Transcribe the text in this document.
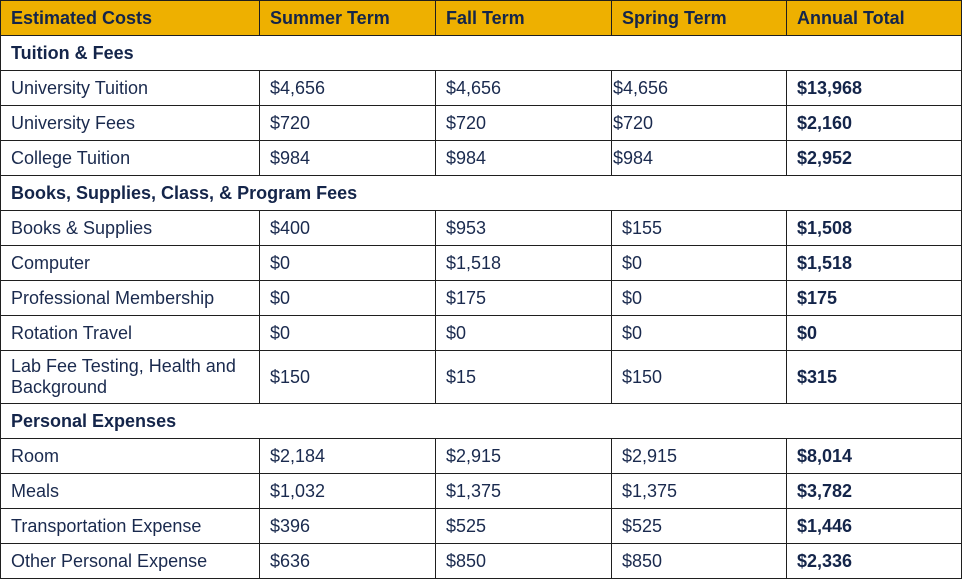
Estimated Costs	Summer Term	Fall Term	Spring Term	Annual Total
Tuition & Fees				
University Tuition	$4,656	$4,656	$4,656	$13,968
University Fees	$720	$720	$720	$2,160
College Tuition	$984	$984	$984	$2,952
Books, Supplies, Class, & Program Fees				
Books & Supplies	$400	$953	$155	$1,508
Computer	$0	$1,518	$0	$1,518
Professional Membership	$0	$175	$0	$175
Rotation Travel	$0	$0	$0	$0
Lab Fee Testing, Health and Background	$150	$15	$150	$315
Personal Expenses				
Room	$2,184	$2,915	$2,915	$8,014
Meals	$1,032	$1,375	$1,375	$3,782
Transportation Expense	$396	$525	$525	$1,446
Other Personal Expense	$636	$850	$850	$2,336
